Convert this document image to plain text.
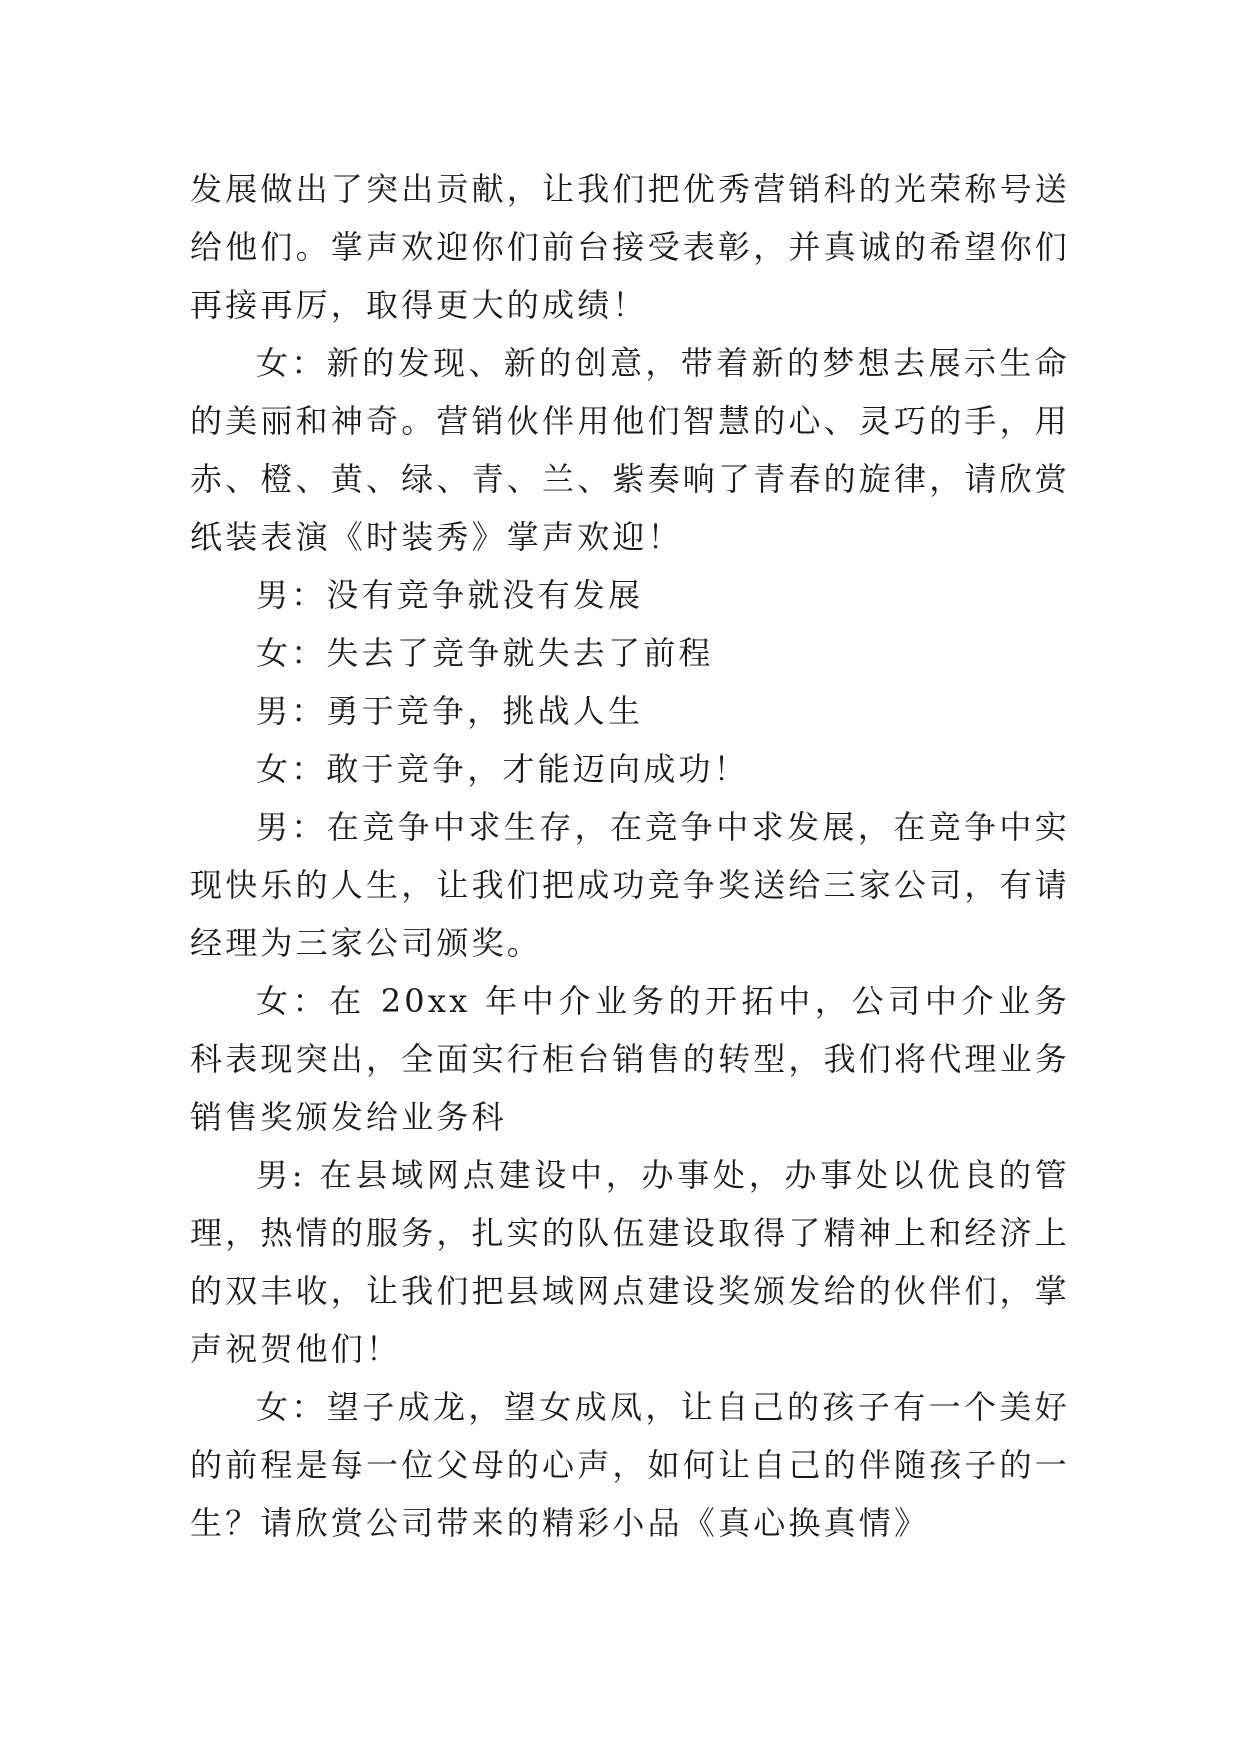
发展做出了突出贡献，让我们把优秀营销科的光荣称号送给他们。掌声欢迎你们前台接受表彰，并真诚的希望你们再接再厉，取得更大的成绩！

女：新的发现、新的创意，带着新的梦想去展示生命的美丽和神奇。营销伙伴用他们智慧的心、灵巧的手，用赤、橙、黄、绿、青、兰、紫奏响了青春的旋律，请欣赏纸装表演《时装秀》掌声欢迎！

男：没有竞争就没有发展

女：失去了竞争就失去了前程

男：勇于竞争，挑战人生

女：敢于竞争，才能迈向成功！

男：在竞争中求生存，在竞争中求发展，在竞争中实现快乐的人生，让我们把成功竞争奖送给三家公司，有请经理为三家公司颁奖。

女：在 20xx 年中介业务的开拓中，公司中介业务科表现突出，全面实行柜台销售的转型，我们将代理业务销售奖颁发给业务科

男: 在县域网点建设中，办事处，办事处以优良的管理，热情的服务，扎实的队伍建设取得了精神上和经济上的双丰收，让我们把县域网点建设奖颁发给的伙伴们，掌声祝贺他们！

女：望子成龙，望女成凤，让自己的孩子有一个美好的前程是每一位父母的心声，如何让自己的伴随孩子的一生？请欣赏公司带来的精彩小品《真心换真情》
